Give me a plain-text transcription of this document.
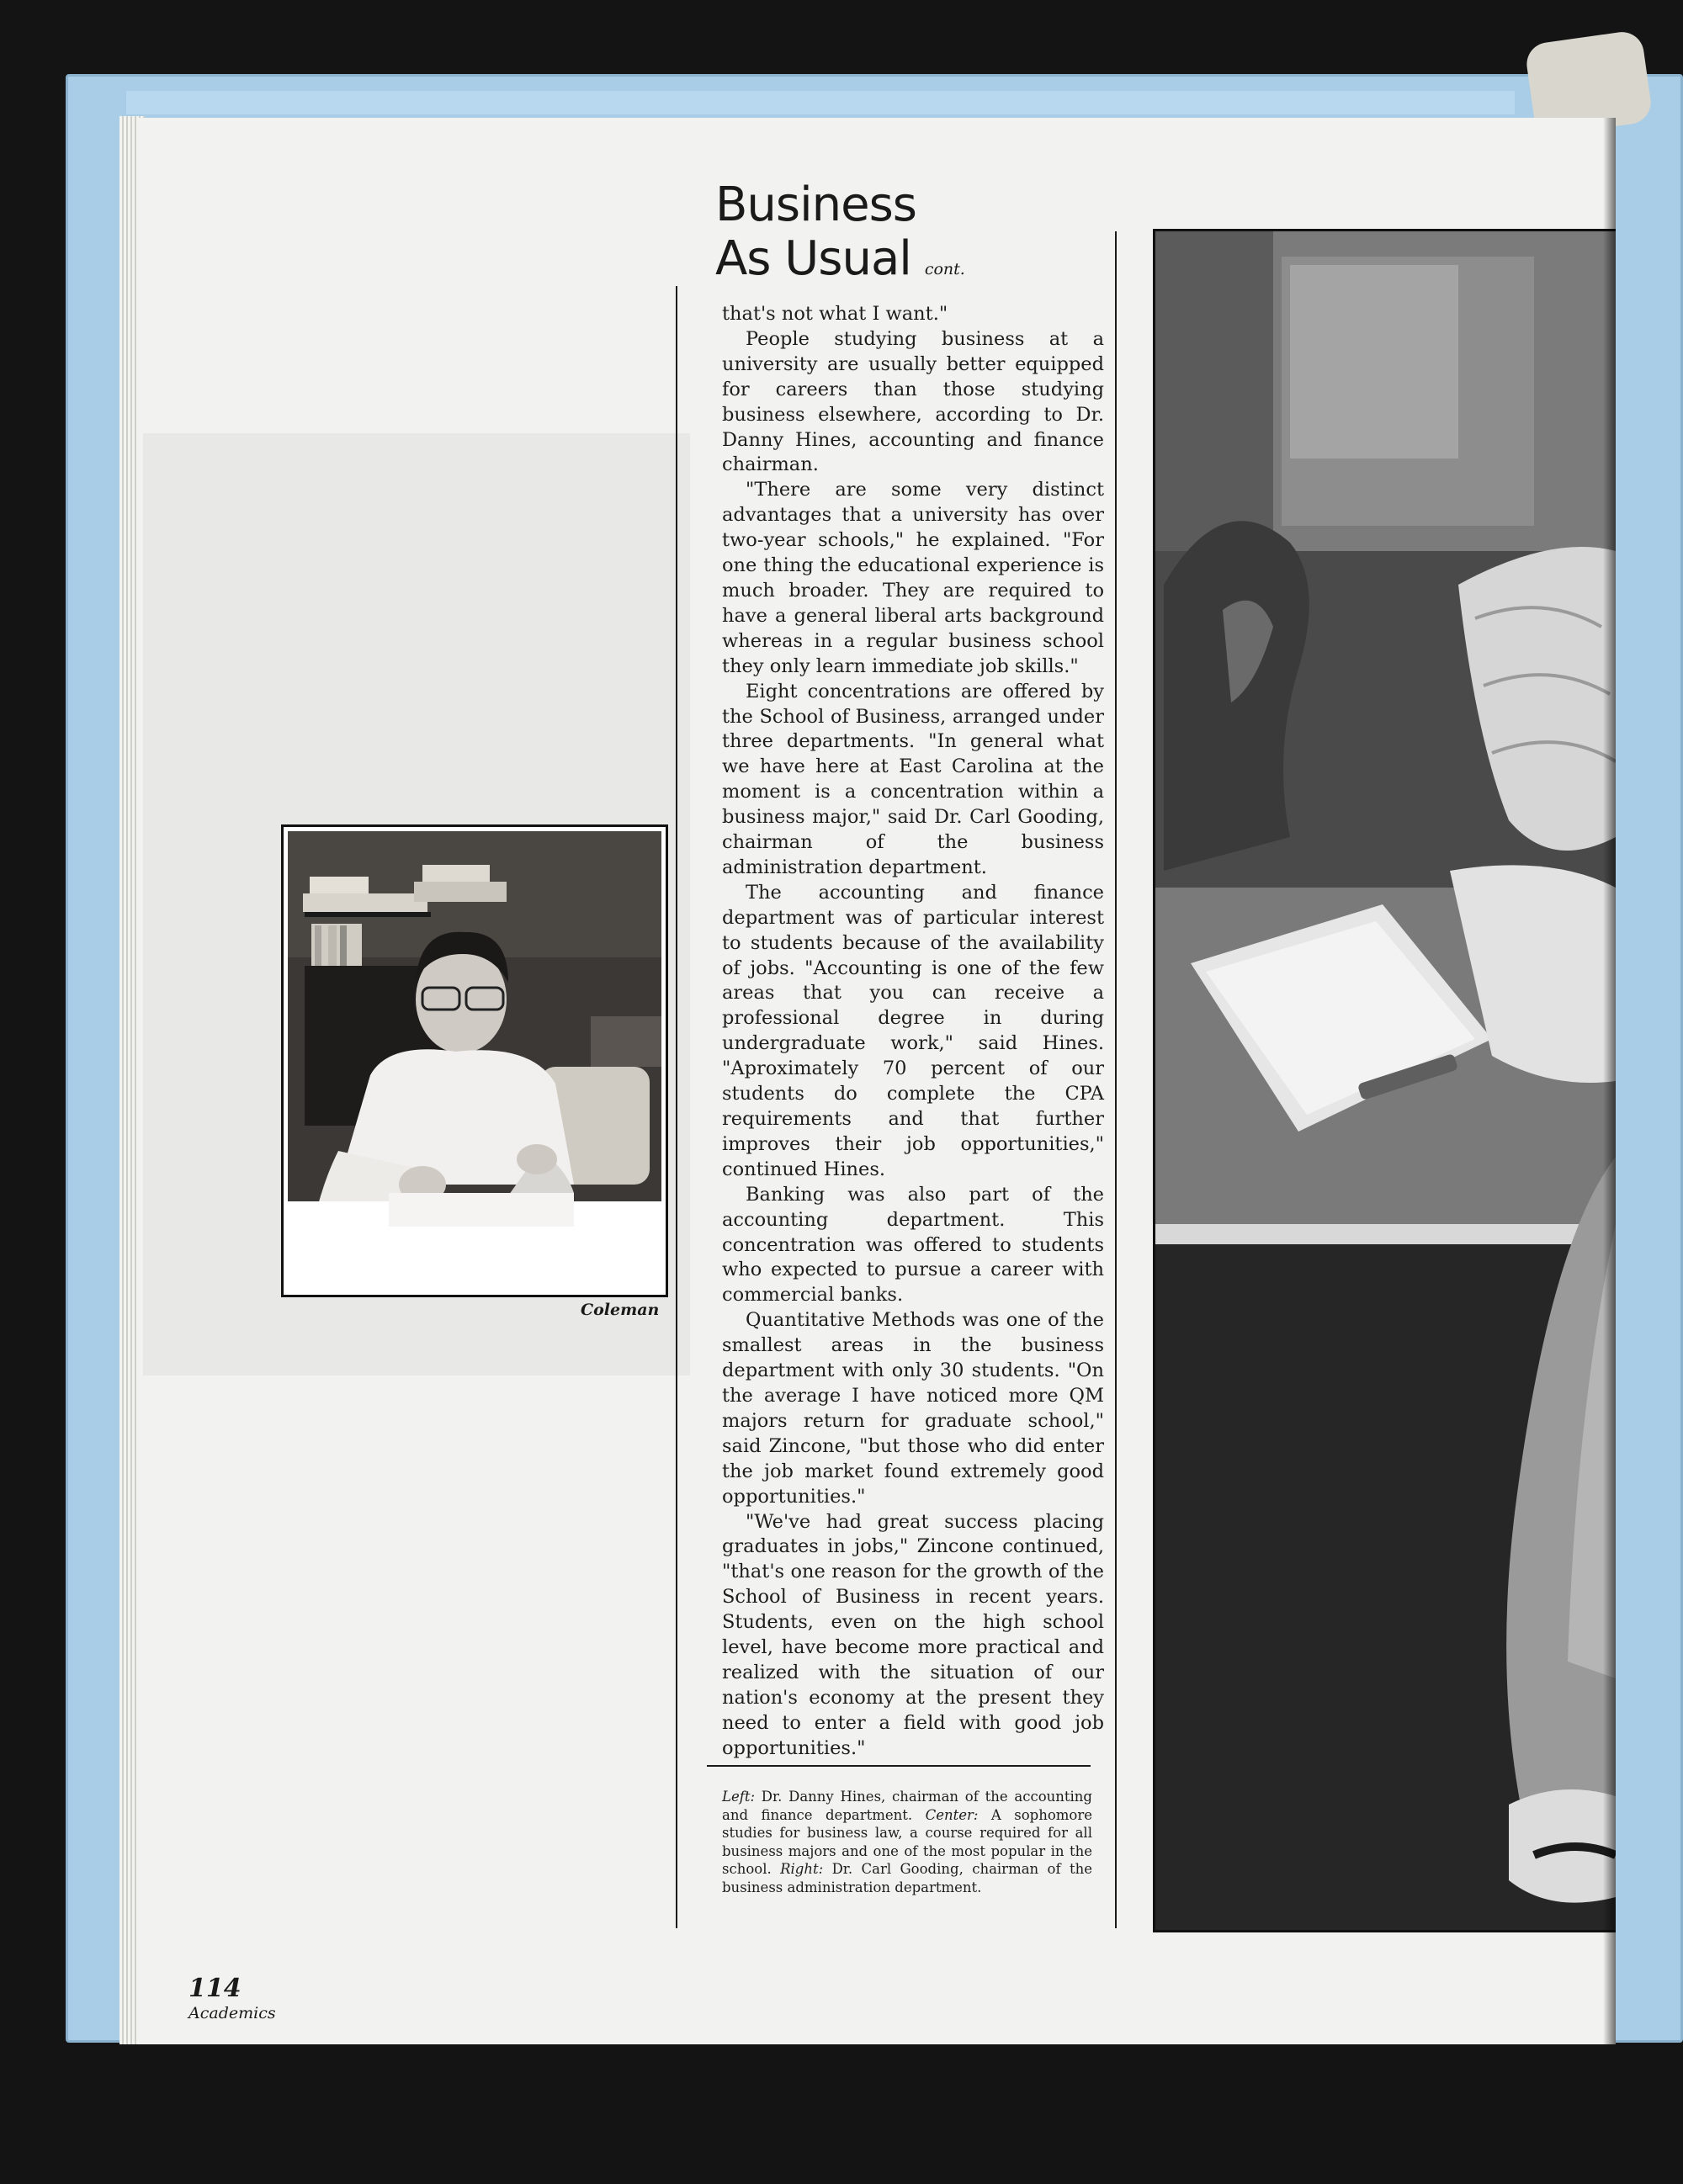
Business
As Usual cont.

that's not what I want."

People studying business at a university are usually better equipped for careers than those studying business elsewhere, according to Dr. Danny Hines, accounting and finance chairman.

"There are some very distinct advantages that a university has over two-year schools," he explained. "For one thing the educational experience is much broader. They are required to have a general liberal arts background whereas in a regular business school they only learn immediate job skills."

Eight concentrations are offered by the School of Business, arranged under three departments. "In general what we have here at East Carolina at the moment is a concentration within a business major," said Dr. Carl Gooding, chairman of the business administration department.

The accounting and finance department was of particular interest to students because of the availability of jobs. "Accounting is one of the few areas that you can receive a professional degree in during undergraduate work," said Hines. "Aproximately 70 percent of our students do complete the CPA requirements and that further improves their job opportunities," continued Hines.

Banking was also part of the accounting department. This concentration was offered to students who expected to pursue a career with commercial banks.

Quantitative Methods was one of the smallest areas in the business department with only 30 students. "On the average I have noticed more QM majors return for graduate school," said Zincone, "but those who did enter the job market found extremely good opportunities."

"We've had great success placing graduates in jobs," Zincone continued, "that's one reason for the growth of the School of Business in recent years. Students, even on the high school level, have become more practical and realized with the situation of our nation's economy at the present they need to enter a field with good job opportunities."

Left: Dr. Danny Hines, chairman of the accounting and finance department. Center: A sophomore studies for business law, a course required for all business majors and one of the most popular in the school. Right: Dr. Carl Gooding, chairman of the business administration department.
Coleman
114
Academics
